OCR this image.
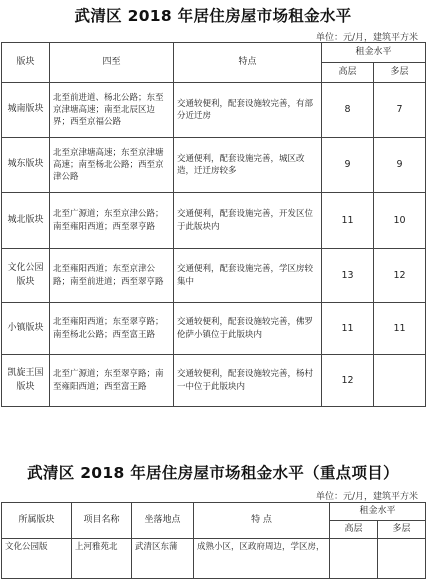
武清区 2018 年居住房屋市场租金水平
单位：元/月，建筑平方米
版块	四至	特点	租金水平	
			高层	多层
城南版块	北至前进道、杨北公路；东至京津塘高速；南至北辰区边界；西至京福公路	交通较便利，配套设施较完善，有部分近迁房	8	7
城东版块	北至京津塘高速；东至京津塘高速；南至杨北公路；西至京津公路	交通便利，配套设施完善，城区改造，迁迁房较多	9	9
城北版块	北至广源道；东至京津公路；南至雍阳西道；西至翠亨路	交通便利，配套设施完善，开发区位于此版块内	11	10
文化公园版块	北至雍阳西道；东至京津公路；南至前进道；西至翠亨路	交通便利，配套设施完善，学区房较集中	13	12
小镇版块	北至雍阳西道；东至翠亨路；南至杨北公路；西至富王路	交通较便利，配套设施较完善，佛罗伦萨小镇位于此版块内	11	11
凯旋王国版块	北至广源道；东至翠亨路；南至雍阳西道；西至富王路	交通较便利，配套设施较完善，杨村一中位于此版块内	12	
武清区 2018 年居住房屋市场租金水平（重点项目）
单位：元/月，建筑平方米
所属版块	项目名称	坐落地点	特 点	租金水平	
				高层	多层
文化公园版	上河雅苑北	武清区东蒲	成熟小区，区政府周边，学区房，		
